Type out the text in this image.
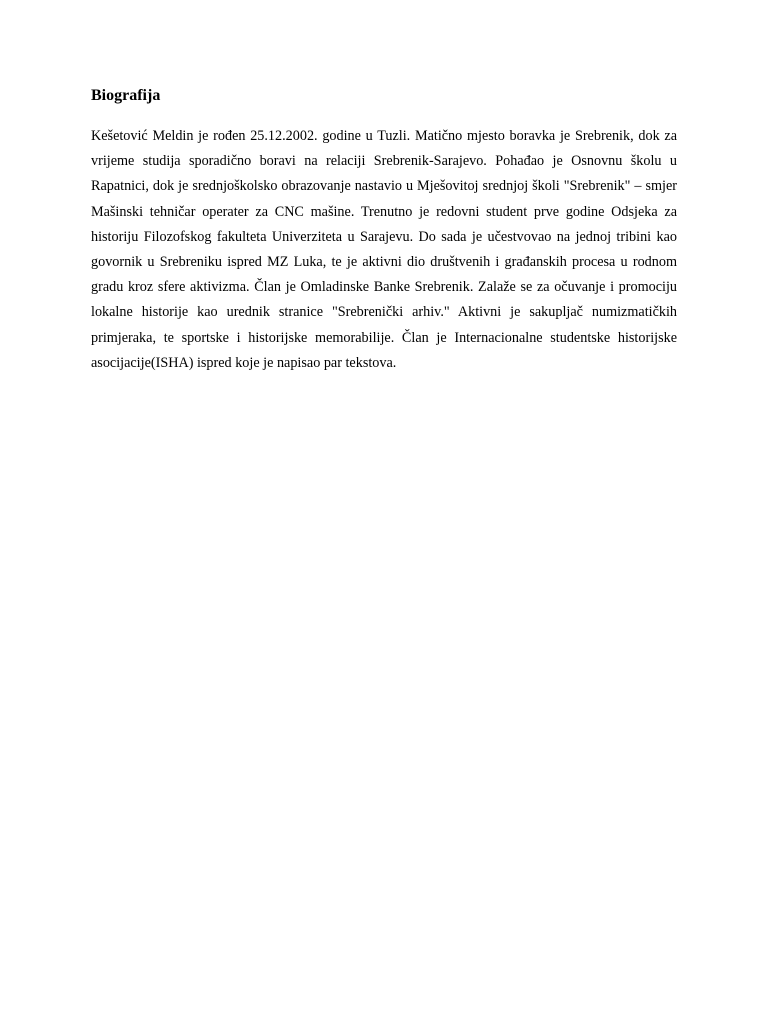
Biografija

Kešetović Meldin je rođen 25.12.2002. godine u Tuzli. Matično mjesto boravka je Srebrenik, dok za vrijeme studija sporadično boravi na relaciji Srebrenik-Sarajevo. Pohađao je Osnovnu školu u Rapatnici, dok je srednjoškolsko obrazovanje nastavio u Mješovitoj srednjoj školi "Srebrenik" – smjer Mašinski tehničar operater za CNC mašine. Trenutno je redovni student prve godine Odsjeka za historiju Filozofskog fakulteta Univerziteta u Sarajevu. Do sada je učestvovao na jednoj tribini kao govornik u Srebreniku ispred MZ Luka, te je aktivni dio društvenih i građanskih procesa u rodnom gradu kroz sfere aktivizma. Član je Omladinske Banke Srebrenik. Zalaže se za očuvanje i promociju lokalne historije kao urednik stranice "Srebrenički arhiv." Aktivni je sakupljač numizmatičkih primjeraka, te sportske i historijske memorabilije. Član je Internacionalne studentske historijske asocijacije(ISHA) ispred koje je napisao par tekstova.
